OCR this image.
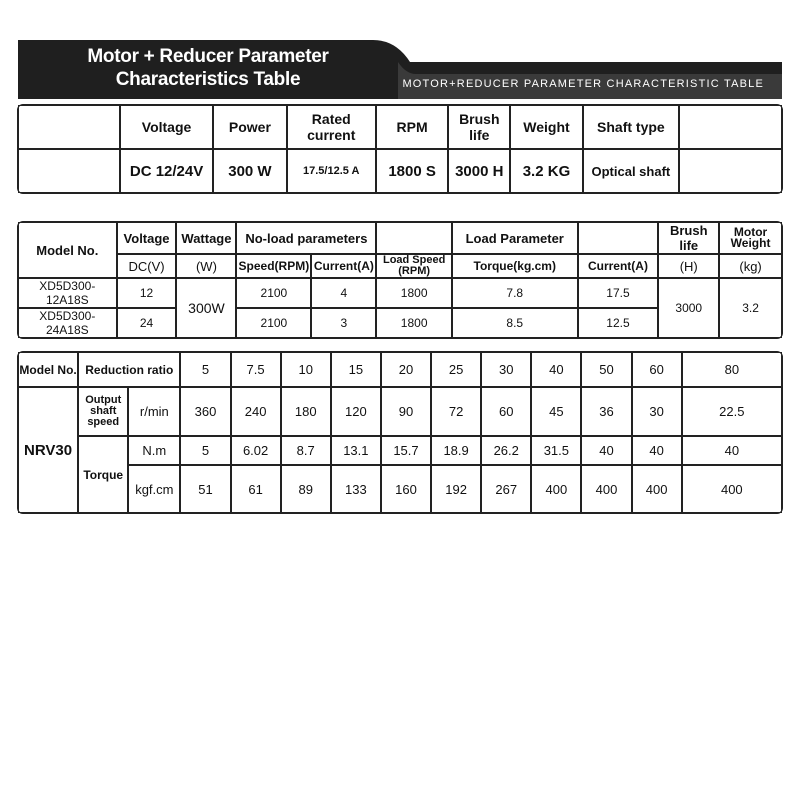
Motor + Reducer Parameter
Characteristics Table	MOTOR+REDUCER PARAMETER CHARACTERISTIC TABLE
	Voltage	Power	Rated current	RPM	Brush life	Weight	Shaft type	
	DC 12/24V	300 W	17.5/12.5 A	1800 S	3000 H	3.2 KG	Optical shaft	
Model No.	Voltage	Wattage	No-load parameters			Load Parameter		Brush life	Motor Weight
	DC(V)	(W)	Speed(RPM)	Current(A)	Load Speed (RPM)	Torque(kg.cm)	Current(A)	(H)	(kg)
XD5D300-12A18S	12	300W	2100	4	1800	7.8	17.5	3000	3.2
XD5D300-24A18S	24		2100	3	1800	8.5	12.5		
Model No.	Reduction ratio		5	7.5	10	15	20	25	30	40	50	60	80
NRV30	Output shaft speed	r/min	360	240	180	120	90	72	60	45	36	30	22.5
	Torque	N.m	5	6.02	8.7	13.1	15.7	18.9	26.2	31.5	40	40	40
		kgf.cm	51	61	89	133	160	192	267	400	400	400	400
